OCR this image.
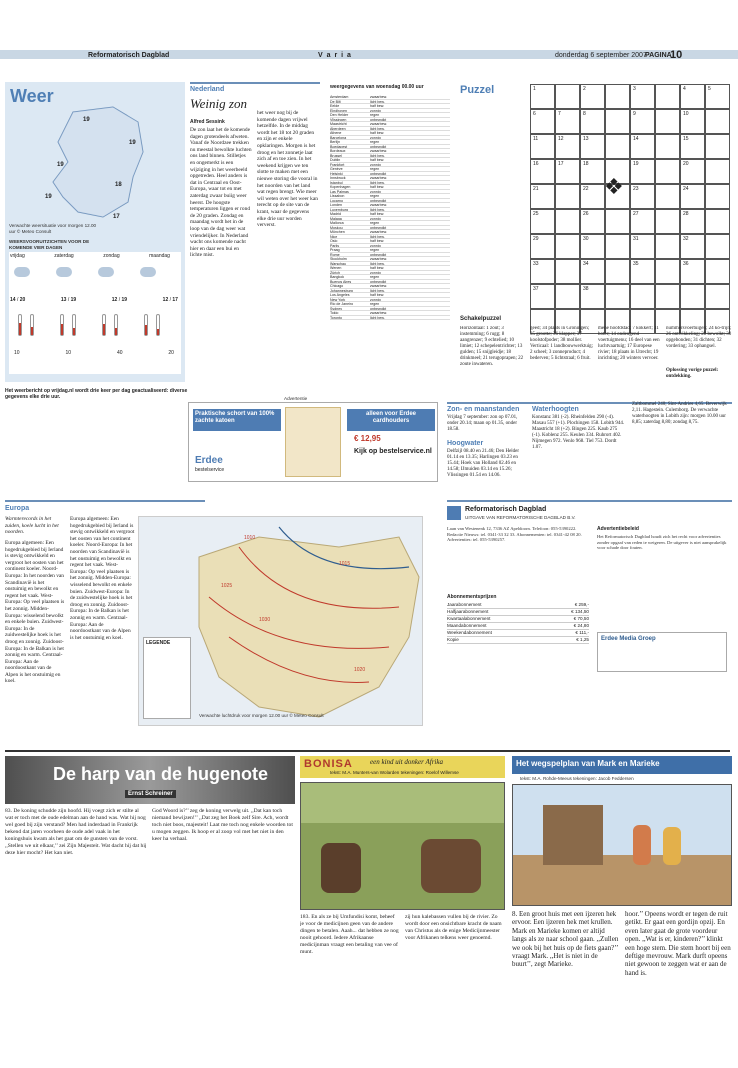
Reformatorisch Dagblad	V a r i a	donderdag 6 september 2007
PAGINA
10
Weer
19
19
19
18
19
17
Verwachte weersituatie voor morgen 12.00 uur © Meteo Consult
WEERSVOORUITZICHTEN VOOR DE KOMENDE VIER DAGEN
vrijdag	zaterdag	zondag	maandag
14 / 20	13 / 19	12 / 19	12 / 17
10	10	40	20
Het weerbericht op vrijdag.nl wordt drie keer per dag geactualiseerd: diverse gegevens elke drie uur.
Nederland
Weinig zon
Alfred Sessink
De zon laat het de komende dagen grotendeels afweten. Vanaf de Noordzee trekken nu meestal bewolkte luchten ons land binnen. Stilletjes en ongemerkt is een wijziging in het weerbeeld opgetreden. Heel anders is dat in Centraal en Oost-Europa, waar tot en met zaterdag zwaar buiig weer heerst. De hoogste temperaturen liggen er rond de 20 graden. Zondag en maandag wordt het in de loop van de dag weer wat vriendelijker. In Nederland wacht ons komende nacht hier en daar een bui en lichte mist.
het weer nog bij de komende dagen vrijwel hetzelfde. In de middag wordt het 18 tot 20 graden en zijn er enkele opklaringen. Morgen is het droog en het zonnetje laat zich af en toe zien. In het weekend krijgen we ten slotte te maken met een nieuwe storing die vooral in het noorden van het land wat regen brengt. Wie meer wil weten over het weer kan terecht op de site van de krant, waar de gegevens elke drie uur worden ververst.
weergegevens van woensdag 00.00 uur
Amsterdam	zwaarbew.
De Bilt	licht bew.
Eelde	half bew.
Eindhoven	zonnig
Den Helder	regen
Vlissingen	onbewolkt
Maastricht	zwaarbew.
Aberdeen	licht bew.
Athene	half bew.
Barcelona	zonnig
Berlijn	regen
Boedapest	onbewolkt
Bordeaux	zwaarbew.
Brussel	licht bew.
Dublin	half bew.
Frankfort	zonnig
Genève	regen
Helsinki	onbewolkt
Innsbruck	zwaarbew.
Istanbul	licht bew.
Kopenhagen	half bew.
Las Palmas	zonnig
Lissabon	regen
Locarno	onbewolkt
Londen	zwaarbew.
Luxemburg	licht bew.
Madrid	half bew.
Malaga	zonnig
Mallorca	regen
Moskou	onbewolkt
München	zwaarbew.
Nice	licht bew.
Oslo	half bew.
Parijs	zonnig
Praag	regen
Rome	onbewolkt
Stockholm	zwaarbew.
Warschau	licht bew.
Wenen	half bew.
Zürich	zonnig
Bangkok	regen
Buenos Aires	onbewolkt
Chicago	zwaarbew.
Johannesburg	licht bew.
Los Angeles	half bew.
New York	zonnig
Rio de Janeiro	regen
Sydney	onbewolkt
Tokio	zwaarbew.
Toronto	licht bew.
Puzzel	1	2	3	4	5
6	7	8	9	10
11	12	13	14	15
16	17	18	19	20
21	22	23	24
25	26	27	28
29	30	31	32
33	34	35	36
37	38
❖
Schakelpuzzel
Horizontaal: 1 zout; 3 instemming; 6 rugg; 8 aangrenzer; 9 echtelied; 10 limiet; 12 schepelentrichter; 13 gulden; 15 snijgleidje; 18 drinkmeel; 21 terugoprapen; 22 zoute inwateren.
geed; 34 plaats in Groningen; 35 grootte; 36 klapper; 37 koolstofpoder; 38 mollier. Verticaal: 1 landbouwwerktuig; 2 scheel; 3 zonneproduct; 4 bederven; 5 lichtstraal; 6 fruit.
mene hoofdstad; 7 kokkert; 11 boter; 14 ondeugend voertuigmenu; 16 deel van een luchtvaartuig; 17 Europese rivier; 18 plaats in Utrecht; 19 inrichting; 20 winters vervoer.
nummersvoertuigen; 24 ko-trijn; 26 ontwikkeling; 28 bewolkt; 30 opgebonden; 31 dichten; 32 vordering; 33 ophangsel.
Oplossing vorige puzzel: ontdekking.
Advertentie
Praktische schort van 100% zachte katoen
alleen voor Erdee cardhouders
€ 12,95
Kijk op bestelservice.nl
Erdee
bestelservice
Zon- en maanstanden
Vrijdag 7 september: zon op 07.01, onder 20.14; maan op 01.35, onder 18.58.
Hoogwater
Delfzijl 08.40 en 21.46; Den Helder 01.14 en 13.35; Harlingen 03.23 en 15.44; Hoek van Holland 02.46 en 14.58; IJmuiden 03.14 en 15.26; Vlissingen 01.54 en 14.06.
Waterhoogten
Konstanz 381 (-2). Rheinfelden 290 (-4). Maxau 557 (+1). Plochingen 158. Lobith 944. Maastricht 18 (+2). Bingen 225. Kaub 275 (-1). Koblenz 255. Keulen 334. Ruhrort 402. Nijmegen 972. Venlo 968. Tiel 753. Dordt 1.07.
Zaltbommel 240; Sint-Andries 4,65. Beverwijk 2,11. Hagestein. Culemborg. De verwachte waterhoogten in Lobith zijn: morgen 10.00 uur 8,85; zaterdag 8,80; zondag 8,75.
Europa
Warmterecords in het zuiden, koele lucht in het noorden.
Europa algemeen: Een hogedrukgebied bij Ierland is stevig ontwikkeld en vergroot het oosten van het continent koeler. Noord-Europa: In het noorden van Scandinavië is het onstuimig en bewolkt en regent het vaak. West-Europa: Op veel plaatsen is het zonnig. Midden-Europa: wisselend bewolkt en enkele buien. Zuidwest-Europa: In de zuidwestelijke hoek is het droog en zonnig. Zuidoost-Europa: In de Balkan is het zonnig en warm. Centraal-Europa: Aan de noordoostkant van de Alpen is het onstuimig en koel.
Europa algemeen: Een hogedrukgebied bij Ierland is stevig ontwikkeld en vergroot het oosten van het continent koeler. Noord-Europa: In het noorden van Scandinavië is het onstuimig en bewolkt en regent het vaak. West-Europa: Op veel plaatsen is het zonnig. Midden-Europa: wisselend bewolkt en enkele buien. Zuidwest-Europa: In de zuidwestelijke hoek is het droog en zonnig. Zuidoost-Europa: In de Balkan is het zonnig en warm. Centraal-Europa: Aan de noordoostkant van de Alpen is het onstuimig en koel.
1010
1025
1030
1015
1020
LEGENDE
Verwachte luchtdruk voor morgen 12.00 uur © Meteo Consult
Reformatorisch Dagblad
UITGAVE VAN REFORMATORISCHE DAGBLAD B.V.
Laan van Westenenk 12, 7336 AZ Apeldoorn. Telefoon: 055-5390222. Redactie Nieuws: tel. 0341-33 32 33. Abonnementen: tel. 0341-42 08 20. Advertenties: tel. 055-5390257.
Abonnementsprijzen
Jaarabonnement	€ 259,-
Halfjaarabonnement	€ 134,50
Kwartaalabonnement	€ 70,50
Maandabonnement	€ 24,80
Weekendabonnement	€ 111,-
Kopie	€ 1,25
Advertentiebeleid
Het Reformatorisch Dagblad houdt zich het recht voor advertenties zonder opgaaf van reden te weigeren. De uitgever is niet aansprakelijk voor schade door fouten.
Erdee Media Groep
De harp van de hugenote
Ernst Schreiner
83. De koning schudde zijn hoofd. Hij voegt zich er stilte al wat er toch met de oude edelman aan de hand was. Wat hij nog wel goed bij zijn verstand? Men had inderdaad in Frankrijk bekend dat jaren voorheen de oude adel vaak in het koningshuis kwam als het gaat om de gunsten van de vorst. ,,Stellen we uit elkaar,’’ zei Zijn Majesteit. Wat dacht hij dat hij deze hier mocht? Het kan niet.
God Woord is?’’ zeg de koning verwelg uit. ,,Dat kan toch niemand bewijzen!’’ ,,Dat zeg het Boek zelf Sire. Ach, wordt toch niet boos, majesteit! Laat me toch nog enkele woorden tot u mogen zeggen. Ik hoop er al zoop vol met het niet in den keer ha verhaal.
BONISA een kind uit donker Afrika
tekst: M.A. Munters-van Wolarden tekeningen: Roelof Willemse
183. En als ze bij Umfundisi komt, beheef je voor de medicijnen geen van de andere dingen te betalen. Aaah... dat hebben ze nog nooit gehoord. Iedere Afrikaanse medicijnman vraagt een betaling van vee of munt.
zij hun kalebassen vullen bij de rivier. Zo wordt door een onsichtbare kracht de naam van Christus als de enige Medicijnmeester voor Afrikanen telkens weer genoemd.
Het wegspelplan van Mark en Marieke
tekst: M.A. Rohde-Meeus tekeningen: Jacob Feddersen
8. Een groot huis met een ijzeren hek ervoor. Een ijzeren hek met krullen. Mark en Marieke komen er altijd langs als ze naar school gaan. ,,Zullen we ook bij het huis op de fiets gaan?’’ vraagt Mark. ,,Het is niet in de buurt’’, zegt Marieke.
hoor.’’ Opeens wordt er tegen de ruit getikt. Er gaat een gordijn opzij. En even later gaat de grote voordeur open. ,,Wat is er, kinderen?’’ klinkt een hoge stem. Die stem hoort bij een deftige mevrouw. Mark durft opeens niet gewoon te zeggen wat er aan de hand is.
